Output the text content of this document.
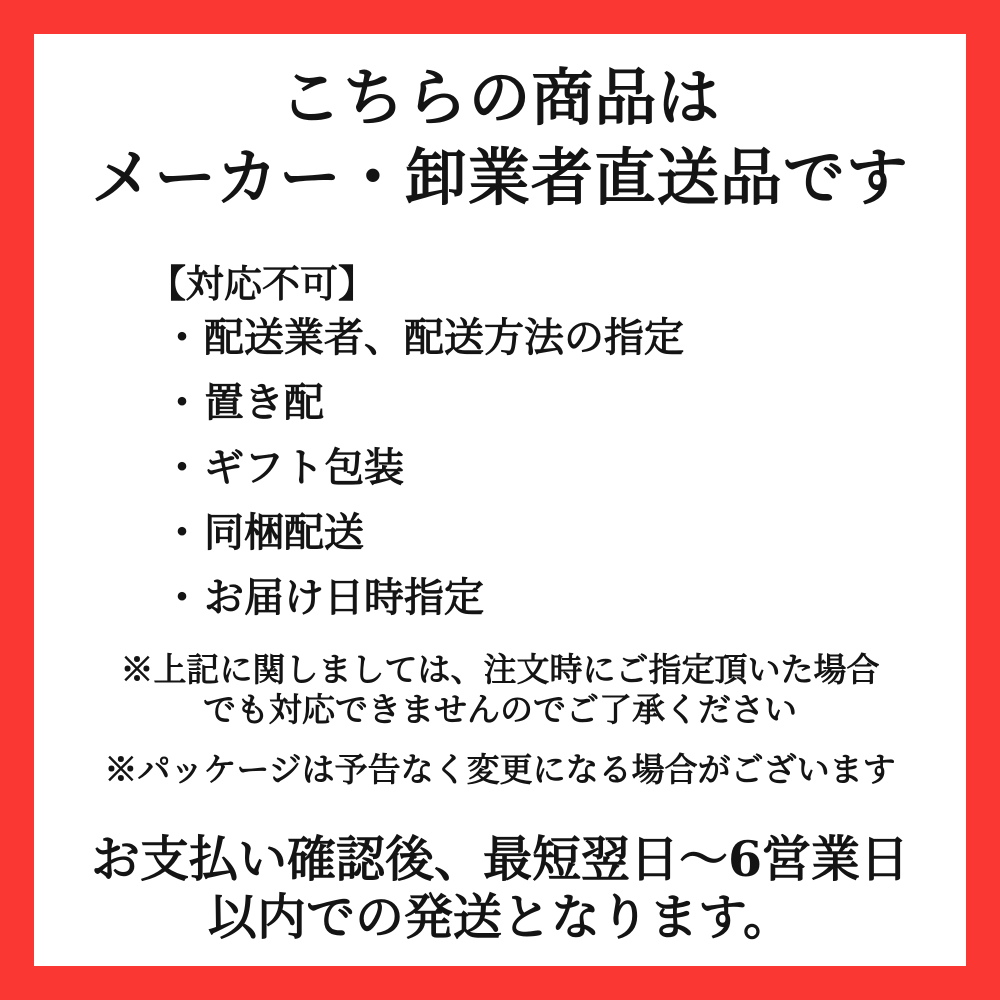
こちらの商品は
メーカー・卸業者直送品です
【対応不可】
・配送業者、配送方法の指定
・置き配
・ギフト包装
・同梱配送
・お届け日時指定
※上記に関しましては、注文時にご指定頂いた場合
でも対応できませんのでご了承ください
※パッケージは予告なく変更になる場合がございます
お支払い確認後、最短翌日〜6営業日
以内での発送となります。
